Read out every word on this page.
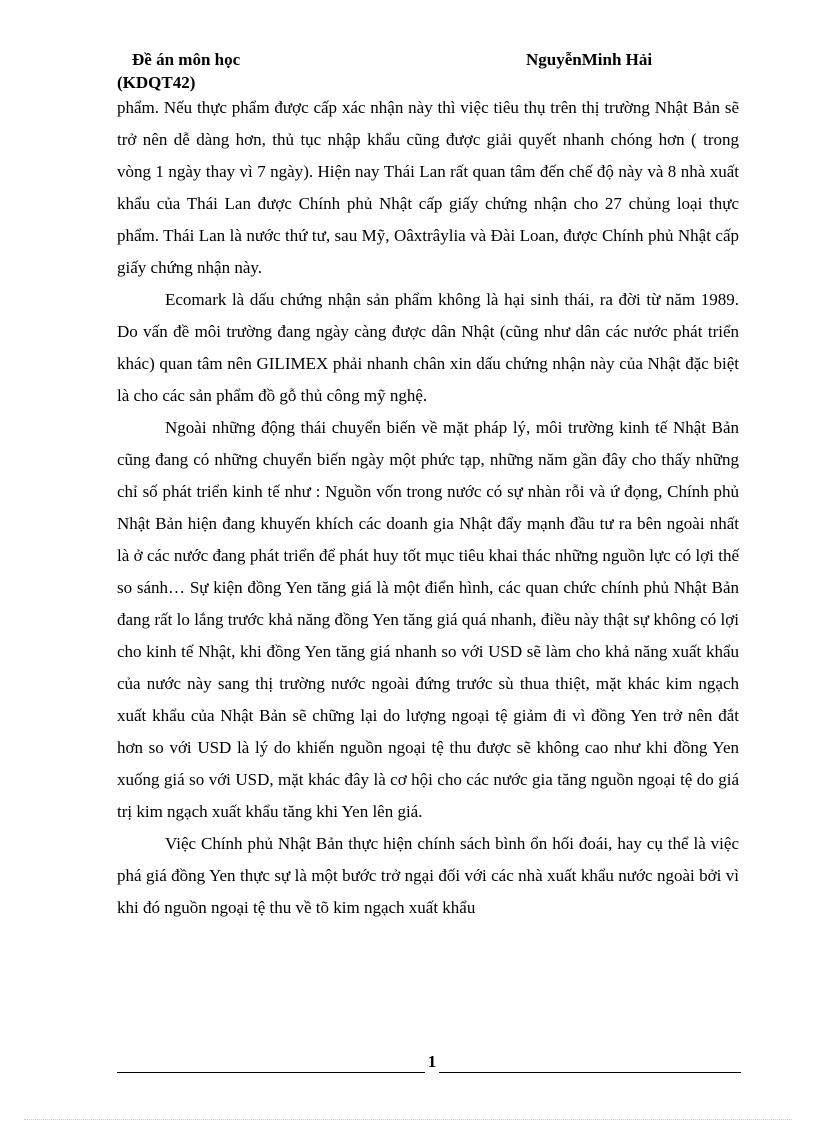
Đề án môn học
(KDQT42)
NguyễnMinh Hải

phẩm. Nếu thực phẩm được cấp xác nhận này thì việc tiêu thụ trên thị trường Nhật Bản sẽ trở nên dễ dàng hơn, thủ tục nhập khẩu cũng được giải quyết nhanh chóng hơn ( trong vòng 1 ngày thay vì 7 ngày). Hiện nay Thái Lan rất quan tâm đến chế độ này và 8 nhà xuất khẩu của Thái Lan được Chính phủ Nhật cấp giấy chứng nhận cho 27 chủng loại thực phẩm. Thái Lan là nước thứ tư, sau Mỹ, Oâxtrâylia và Đài Loan, được Chính phủ Nhật cấp giấy chứng nhận này.

Ecomark là dấu chứng nhận sản phẩm không là hại sinh thái, ra đời từ năm 1989. Do vấn đề môi trường đang ngày càng được dân Nhật (cũng như dân các nước phát triển khác) quan tâm nên GILIMEX phải nhanh chân xin dấu chứng nhận này của Nhật đặc biệt là cho các sản phẩm đồ gỗ thủ công mỹ nghệ.

Ngoài những động thái chuyển biến về mặt pháp lý, môi trường kinh tế Nhật Bản cũng đang có những chuyển biến ngày một phức tạp, những năm gần đây cho thấy những chỉ số phát triển kinh tế như : Nguồn vốn trong nước có sự nhàn rỗi và ứ đọng, Chính phủ Nhật Bản hiện đang khuyến khích các doanh gia Nhật đẩy mạnh đầu tư ra bên ngoài nhất là ở các nước đang phát triển để phát huy tốt mục tiêu khai thác những nguồn lực có lợi thế so sánh… Sự kiện đồng Yen tăng giá là một điển hình, các quan chức chính phủ Nhật Bản đang rất lo lắng trước khả năng đồng Yen tăng giá quá nhanh, điều này thật sự không có lợi cho kinh tế Nhật, khi đồng Yen tăng giá nhanh so với USD sẽ làm cho khả năng xuất khẩu của nước này sang thị trường nước ngoài đứng trước sù thua thiệt, mặt khác kim ngạch xuất khẩu của Nhật Bản sẽ chững lại do lượng ngoại tệ giảm đi vì đồng Yen trở nên đắt hơn so với USD là lý do khiến nguồn ngoại tệ thu được sẽ không cao như khi đồng Yen xuống giá so với USD, mặt khác đây là cơ hội cho các nước gia tăng nguồn ngoại tệ do giá trị kim ngạch xuất khẩu tăng khi Yen lên giá.

Việc Chính phủ Nhật Bản thực hiện chính sách bình ổn hối đoái, hay cụ thể là việc phá giá đồng Yen thực sự là một bước trở ngại đối với các nhà xuất khẩu nước ngoài bởi vì khi đó nguồn ngoại tệ thu về tõ kim ngạch xuất khẩu

1
